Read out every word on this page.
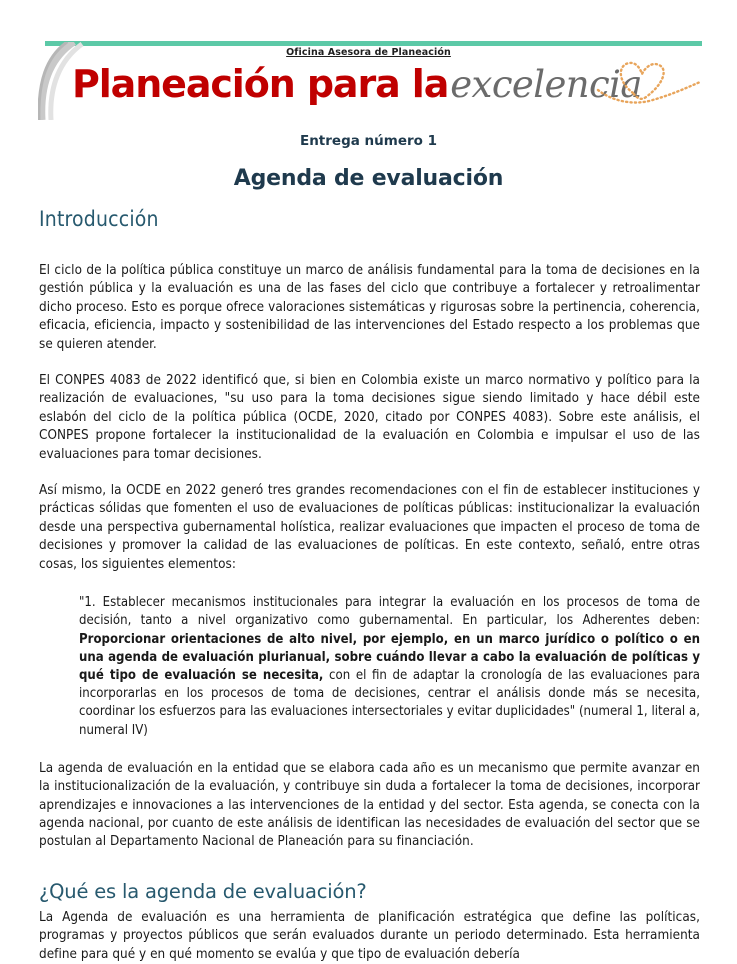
Oficina Asesora de Planeación
Planeación para laexcelencia
Entrega número 1
Agenda de evaluación
Introducción

El ciclo de la política pública constituye un marco de análisis fundamental para la toma de decisiones en la gestión pública y la evaluación es una de las fases del ciclo que contribuye a fortalecer y retroalimentar dicho proceso. Esto es porque ofrece valoraciones sistemáticas y rigurosas sobre la pertinencia, coherencia, eficacia, eficiencia, impacto y sostenibilidad de las intervenciones del Estado respecto a los problemas que se quieren atender.

El CONPES 4083 de 2022 identificó que, si bien en Colombia existe un marco normativo y político para la realización de evaluaciones, "su uso para la toma decisiones sigue siendo limitado y hace débil este eslabón del ciclo de la política pública (OCDE, 2020, citado por CONPES 4083). Sobre este análisis, el CONPES propone fortalecer la institucionalidad de la evaluación en Colombia e impulsar el uso de las evaluaciones para tomar decisiones.

Así mismo, la OCDE en 2022 generó tres grandes recomendaciones con el fin de establecer instituciones y prácticas sólidas que fomenten el uso de evaluaciones de políticas públicas: institucionalizar la evaluación desde una perspectiva gubernamental holística, realizar evaluaciones que impacten el proceso de toma de decisiones y promover la calidad de las evaluaciones de políticas. En este contexto, señaló, entre otras cosas, los siguientes elementos:

"1. Establecer mecanismos institucionales para integrar la evaluación en los procesos de toma de decisión, tanto a nivel organizativo como gubernamental. En particular, los Adherentes deben: Proporcionar orientaciones de alto nivel, por ejemplo, en un marco jurídico o político o en una agenda de evaluación plurianual, sobre cuándo llevar a cabo la evaluación de políticas y qué tipo de evaluación se necesita, con el fin de adaptar la cronología de las evaluaciones para incorporarlas en los procesos de toma de decisiones, centrar el análisis donde más se necesita, coordinar los esfuerzos para las evaluaciones intersectoriales y evitar duplicidades" (numeral 1, literal a, numeral IV)

La agenda de evaluación en la entidad que se elabora cada año es un mecanismo que permite avanzar en la institucionalización de la evaluación, y contribuye sin duda a fortalecer la toma de decisiones, incorporar aprendizajes e innovaciones a las intervenciones de la entidad y del sector. Esta agenda, se conecta con la agenda nacional, por cuanto de este análisis de identifican las necesidades de evaluación del sector que se postulan al Departamento Nacional de Planeación para su financiación.

¿Qué es la agenda de evaluación?

La Agenda de evaluación es una herramienta de planificación estratégica que define las políticas, programas y proyectos públicos que serán evaluados durante un periodo determinado. Esta herramienta define para qué y en qué momento se evalúa y que tipo de evaluación debería
